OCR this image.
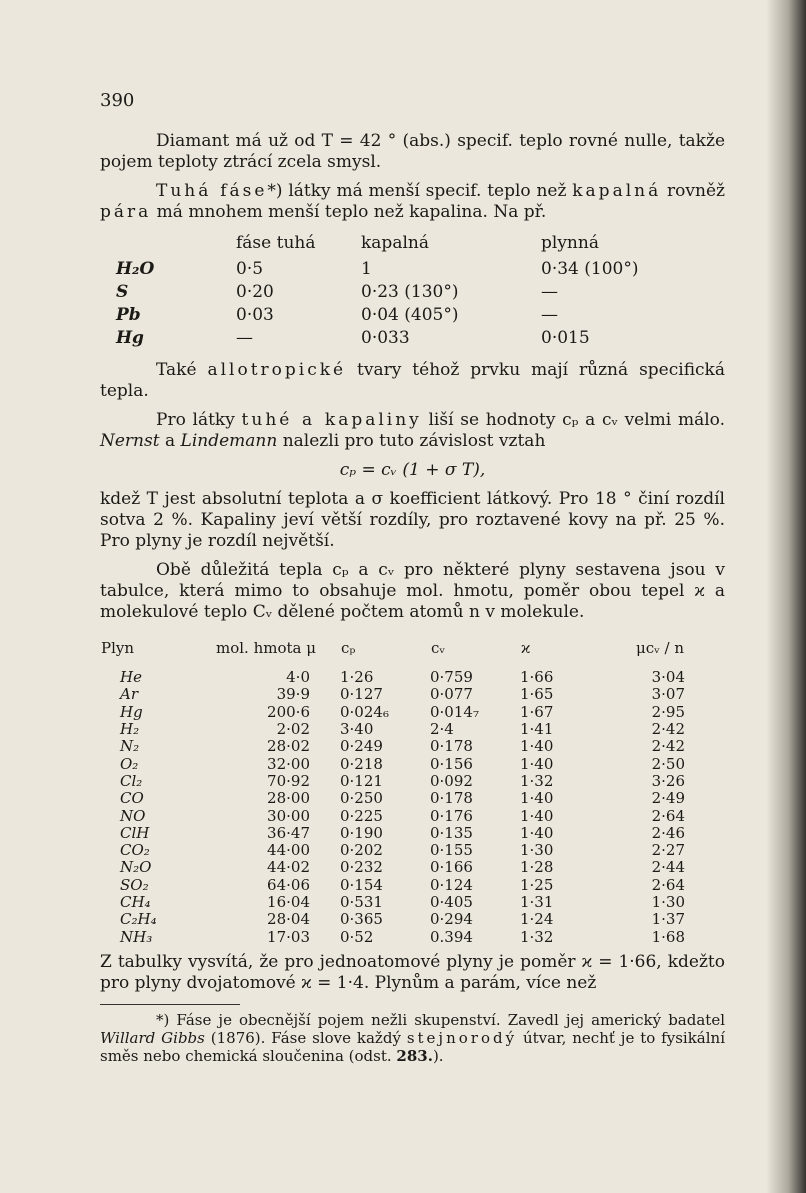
390

Diamant má už od T = 42 ° (abs.) specif. teplo rovné nulle, takže pojem teploty ztrácí zcela smysl.

Tuhá fáse*) látky má menší specif. teplo než kapalná rovněž pára má mnohem menší teplo než kapalina. Na př.

	fáse tuhá	kapalná	plynná
H₂O	0·5	1	0·34 (100°)
S	0·20	0·23 (130°)	—
Pb	0·03	0·04 (405°)	—
Hg	—	0·033	0·015

Také allotropické tvary téhož prvku mají různá specifická tepla.

Pro látky tuhé a kapaliny liší se hodnoty cₚ a cᵥ velmi málo. Nernst a Lindemann nalezli pro tuto závislost vztah

cₚ = cᵥ (1 + σ T),

kdež T jest absolutní teplota a σ koefficient látkový. Pro 18 ° činí rozdíl sotva 2 %. Kapaliny jeví větší rozdíly, pro roztavené kovy na př. 25 %. Pro plyny je rozdíl největší.

Obě důležitá tepla cₚ a cᵥ pro některé plyny sestavena jsou v tabulce, která mimo to obsahuje mol. hmotu, poměr obou tepel ϰ a molekulové teplo Cᵥ dělené počtem atomů n v molekule.

Plyn	mol. hmota μ	cₚ	cᵥ	ϰ	μcᵥ / n
He	4·0	1·26	0·759	1·66	3·04
Ar	39·9	0·127	0·077	1·65	3·07
Hg	200·6	0·024₆	0·014₇	1·67	2·95
H₂	2·02	3·40	2·4	1·41	2·42
N₂	28·02	0·249	0·178	1·40	2·42
O₂	32·00	0·218	0·156	1·40	2·50
Cl₂	70·92	0·121	0·092	1·32	3·26
CO	28·00	0·250	0·178	1·40	2·49
NO	30·00	0·225	0·176	1·40	2·64
ClH	36·47	0·190	0·135	1·40	2·46
CO₂	44·00	0·202	0·155	1·30	2·27
N₂O	44·02	0·232	0·166	1·28	2·44
SO₂	64·06	0·154	0·124	1·25	2·64
CH₄	16·04	0·531	0·405	1·31	1·30
C₂H₄	28·04	0·365	0·294	1·24	1·37
NH₃	17·03	0·52	0.394	1·32	1·68

Z tabulky vysvítá, že pro jednoatomové plyny je poměr ϰ = 1·66, kdežto pro plyny dvojatomové ϰ = 1·4. Plynům a parám, více než

*) Fáse je obecnější pojem nežli skupenství. Zavedl jej americký badatel Willard Gibbs (1876). Fáse slove každý stejnorodý útvar, nechť je to fysikální směs nebo chemická sloučenina (odst. 283.).
